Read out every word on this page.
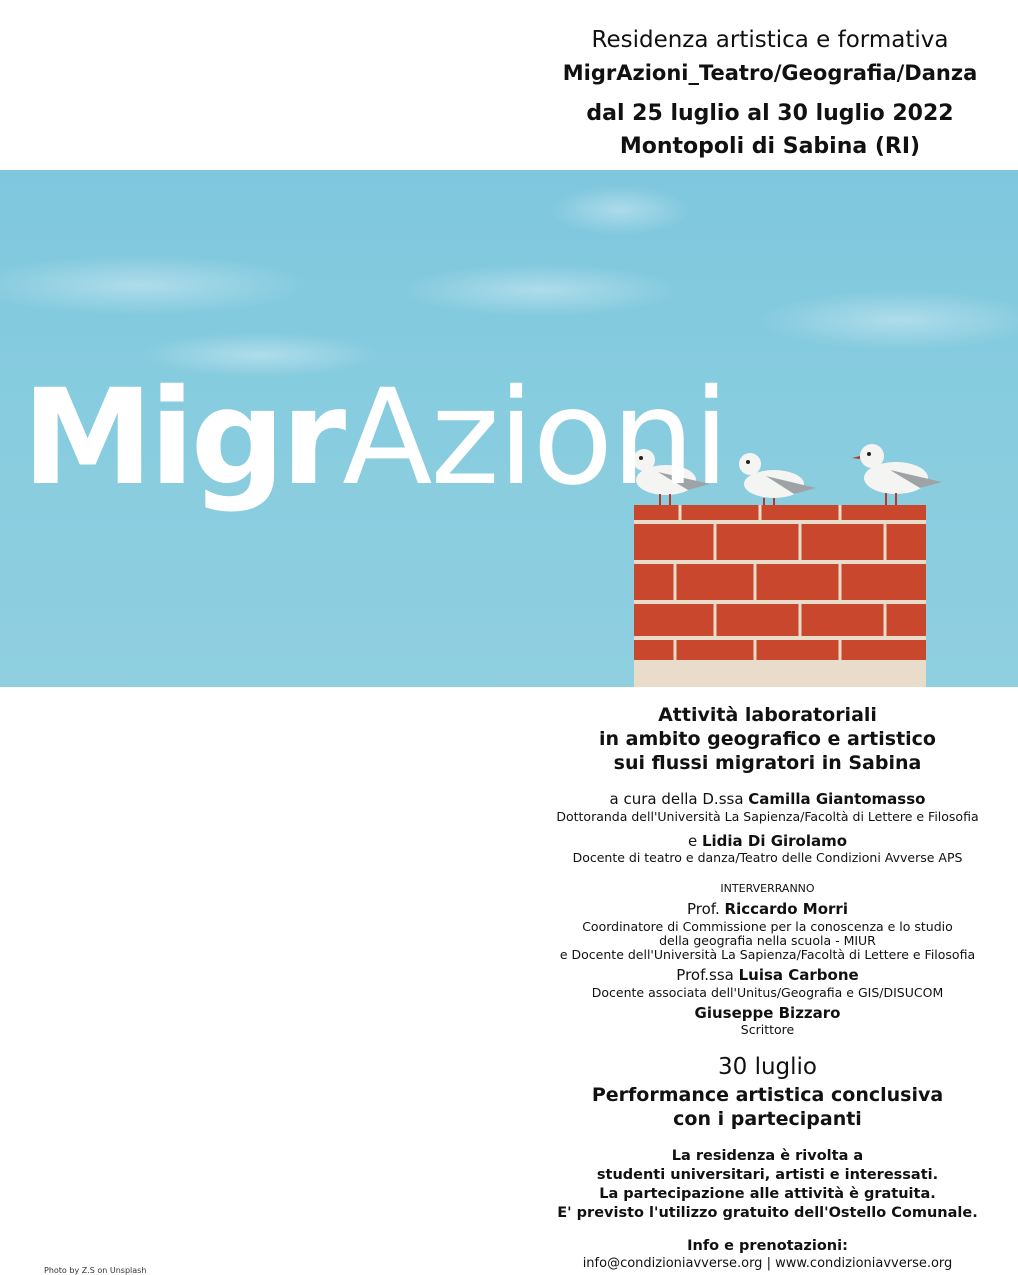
Residenza artistica e formativa
MigrAzioni_Teatro/Geografia/Danza
dal 25 luglio al 30 luglio 2022
Montopoli di Sabina (RI)
MigrAzioni
Attività laboratoriali
in ambito geografico e artistico
sui flussi migratori in Sabina
a cura della D.ssa Camilla Giantomasso
Dottoranda dell'Università La Sapienza/Facoltà di Lettere e Filosofia
e Lidia Di Girolamo
Docente di teatro e danza/Teatro delle Condizioni Avverse APS
INTERVERRANNO
Prof. Riccardo Morri
Coordinatore di Commissione per la conoscenza e lo studio
della geografia nella scuola - MIUR
e Docente dell'Università La Sapienza/Facoltà di Lettere e Filosofia
Prof.ssa Luisa Carbone
Docente associata dell'Unitus/Geografia e GIS/DISUCOM
Giuseppe Bizzaro
Scrittore
30 luglio
Performance artistica conclusiva
con i partecipanti
La residenza è rivolta a
studenti universitari, artisti e interessati.
La partecipazione alle attività è gratuita.
E' previsto l'utilizzo gratuito dell'Ostello Comunale.
Info e prenotazioni:
info@condizioniavverse.org | www.condizioniavverse.org
Photo by Z.S on Unsplash
